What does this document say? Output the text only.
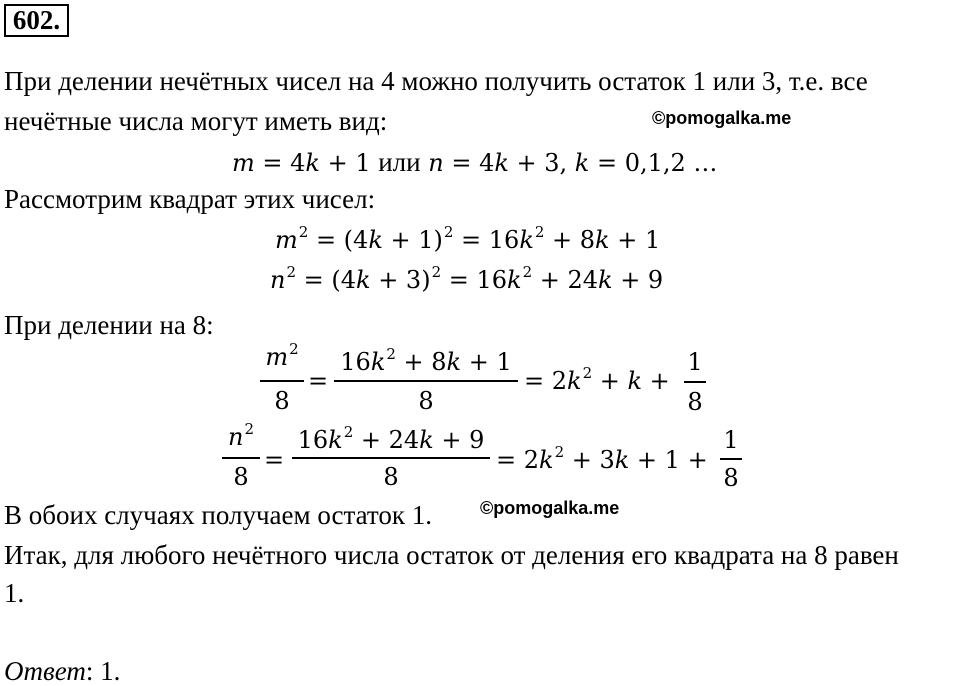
602.
При делении нечётных чисел на 4 можно получить остаток 1 или 3, т.е. все
нечётные числа могут иметь вид:	©pomogalka.me
m = 4k + 1 или n = 4k + 3, k = 0,1,2 …
Рассмотрим квадрат этих чисел:
$m^2 = (4k + 1)^2 = 16k^2 + 8k + 1$
$n^2 = (4k + 3)^2 = 16k^2 + 24k + 9$
При делении на 8:
$m^2$
8
=
$16k^2 + 8k + 1$
8
= $2k^2 + k$ +
1
8
$n^2$
8
=
$16k^2 + 24k + 9$
8
= $2k^2 + 3k + 1$ +
1
8
В обоих случаях получаем остаток 1.	©pomogalka.me
Итак, для любого нечётного числа остаток от деления его квадрата на 8 равен
1.
Ответ: 1.
